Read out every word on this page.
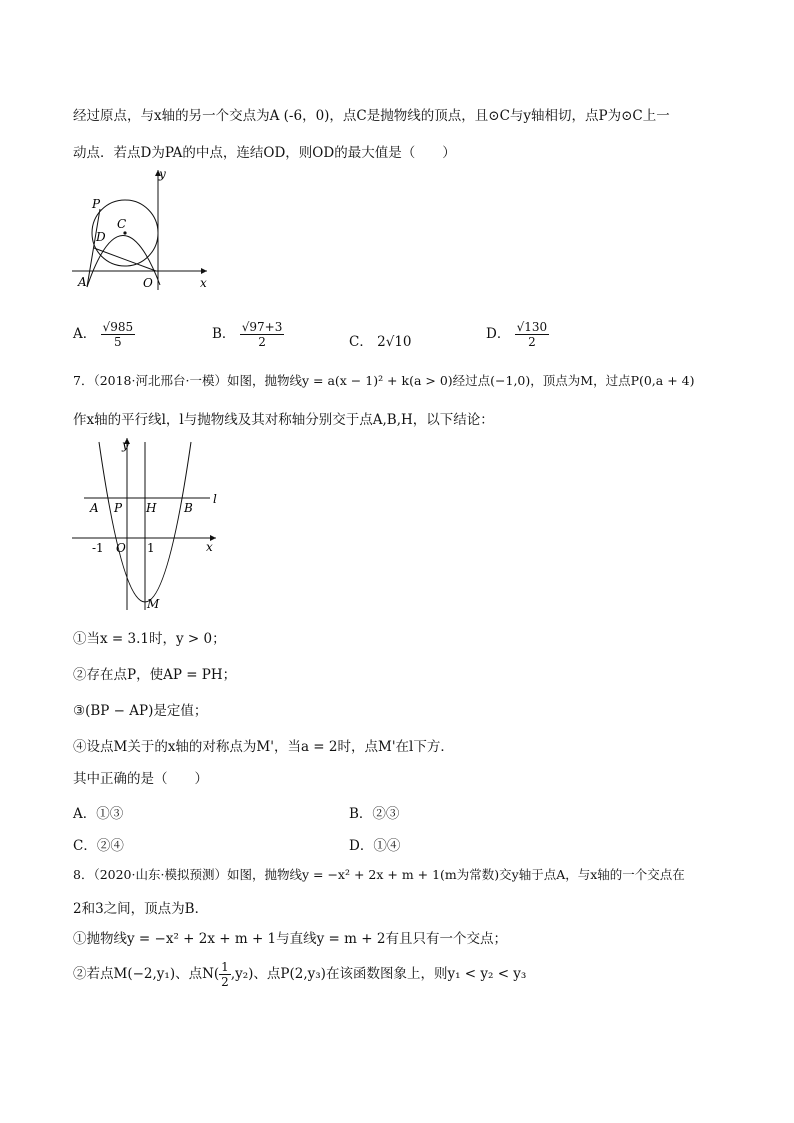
经过原点，与x轴的另一个交点为A (-6，0)，点C是抛物线的顶点，且⊙C与y轴相切，点P为⊙C上一
动点．若点D为PA的中点，连结OD，则OD的最大值是（　　）
P
C
D
A	O
y
x
A． $\frac{√985}{5}$	B． $\frac{√97+3}{2}$	C． 2√10	D． $\frac{√130}{2}$
7．（2018·河北邢台·一模）如图，抛物线y = a(x − 1)² + k(a > 0)经过点(−1,0)，顶点为M，过点P(0,a + 4)
作x轴的平行线l，l与抛物线及其对称轴分别交于点A,B,H，以下结论：
y
l
A P H B
-1 O 1	x
M
①当x = 3.1时，y > 0；
②存在点P，使AP = PH；
③(BP − AP)是定值；
④设点M关于的x轴的对称点为M'，当a = 2时，点M'在l下方．
其中正确的是（　　）
A．①③	B．②③
C．②④	D．①④
8．（2020·山东·模拟预测）如图，抛物线y = −x² + 2x + m + 1(m为常数)交y轴于点A，与x轴的一个交点在
2和3之间，顶点为B．
①抛物线y = −x² + 2x + m + 1与直线y = m + 2有且只有一个交点；
②若点M(−2,y₁)、点$N( \frac{1}{2} ,y_2)$、点P(2,y₃)在该函数图象上，则y₁ < y₂ < y₃
